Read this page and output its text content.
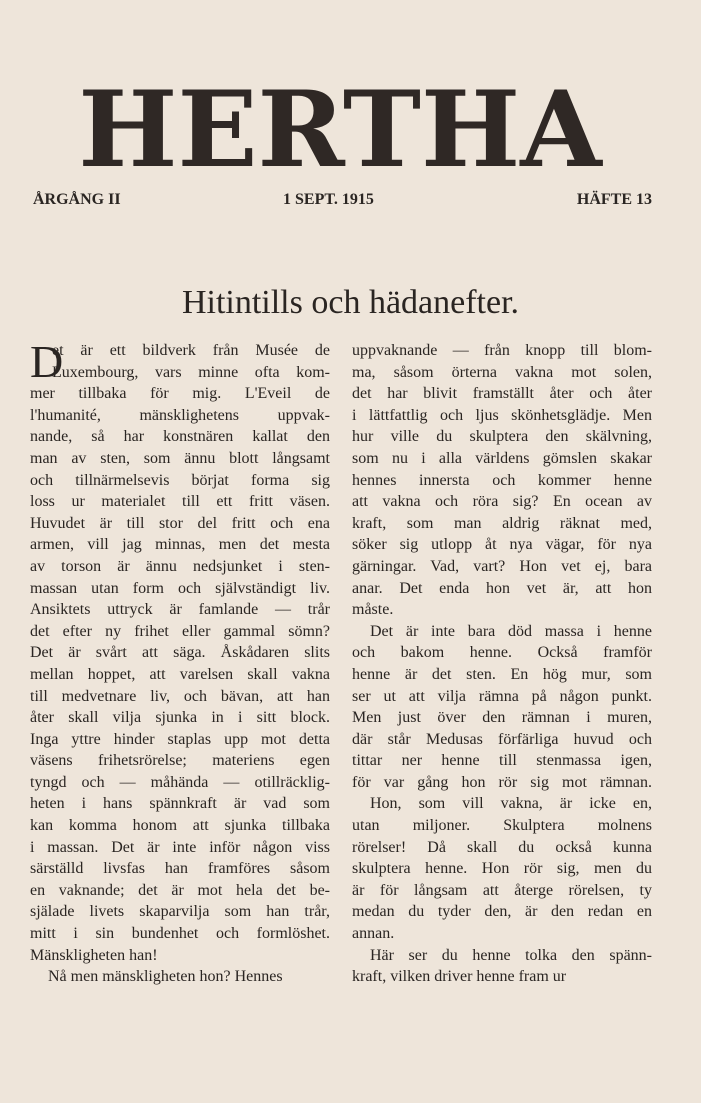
HERTHA
ÅRGÅNG II	1 SEPT. 1915	HÄFTE 13
Hitintills och hädanefter.
D
et är ett bildverk från Musée de
Luxembourg, vars minne ofta kom-
mer tillbaka för mig. L'Eveil de
l'humanité, mänsklighetens uppvak-
nande, så har konstnären kallat den
man av sten, som ännu blott långsamt
och tillnärmelsevis börjat forma sig
loss ur materialet till ett fritt väsen.
Huvudet är till stor del fritt och ena
armen, vill jag minnas, men det mesta
av torson är ännu nedsjunket i sten-
massan utan form och självständigt liv.
Ansiktets uttryck är famlande — trår
det efter ny frihet eller gammal sömn?
Det är svårt att säga. Åskådaren slits
mellan hoppet, att varelsen skall vakna
till medvetnare liv, och bävan, att han
åter skall vilja sjunka in i sitt block.
Inga yttre hinder staplas upp mot detta
väsens frihetsrörelse; materiens egen
tyngd och — måhända — otillräcklig-
heten i hans spännkraft är vad som
kan komma honom att sjunka tillbaka
i massan. Det är inte inför någon viss
särställd livsfas han framföres såsom
en vaknande; det är mot hela det be-
själade livets skaparvilja som han trår,
mitt i sin bundenhet och formlöshet.
Mänskligheten han!
Nå men mänskligheten hon? Hennes
uppvaknande — från knopp till blom-
ma, såsom örterna vakna mot solen,
det har blivit framställt åter och åter
i lättfattlig och ljus skönhetsglädje. Men
hur ville du skulptera den skälvning,
som nu i alla världens gömslen skakar
hennes innersta och kommer henne
att vakna och röra sig? En ocean av
kraft, som man aldrig räknat med,
söker sig utlopp åt nya vägar, för nya
gärningar. Vad, vart? Hon vet ej, bara
anar. Det enda hon vet är, att hon
måste.
Det är inte bara död massa i henne
och bakom henne. Också framför
henne är det sten. En hög mur, som
ser ut att vilja rämna på någon punkt.
Men just över den rämnan i muren,
där står Medusas förfärliga huvud och
tittar ner henne till stenmassa igen,
för var gång hon rör sig mot rämnan.
Hon, som vill vakna, är icke en,
utan miljoner. Skulptera molnens
rörelser! Då skall du också kunna
skulptera henne. Hon rör sig, men du
är för långsam att återge rörelsen, ty
medan du tyder den, är den redan en
annan.
Här ser du henne tolka den spänn-
kraft, vilken driver henne fram ur
